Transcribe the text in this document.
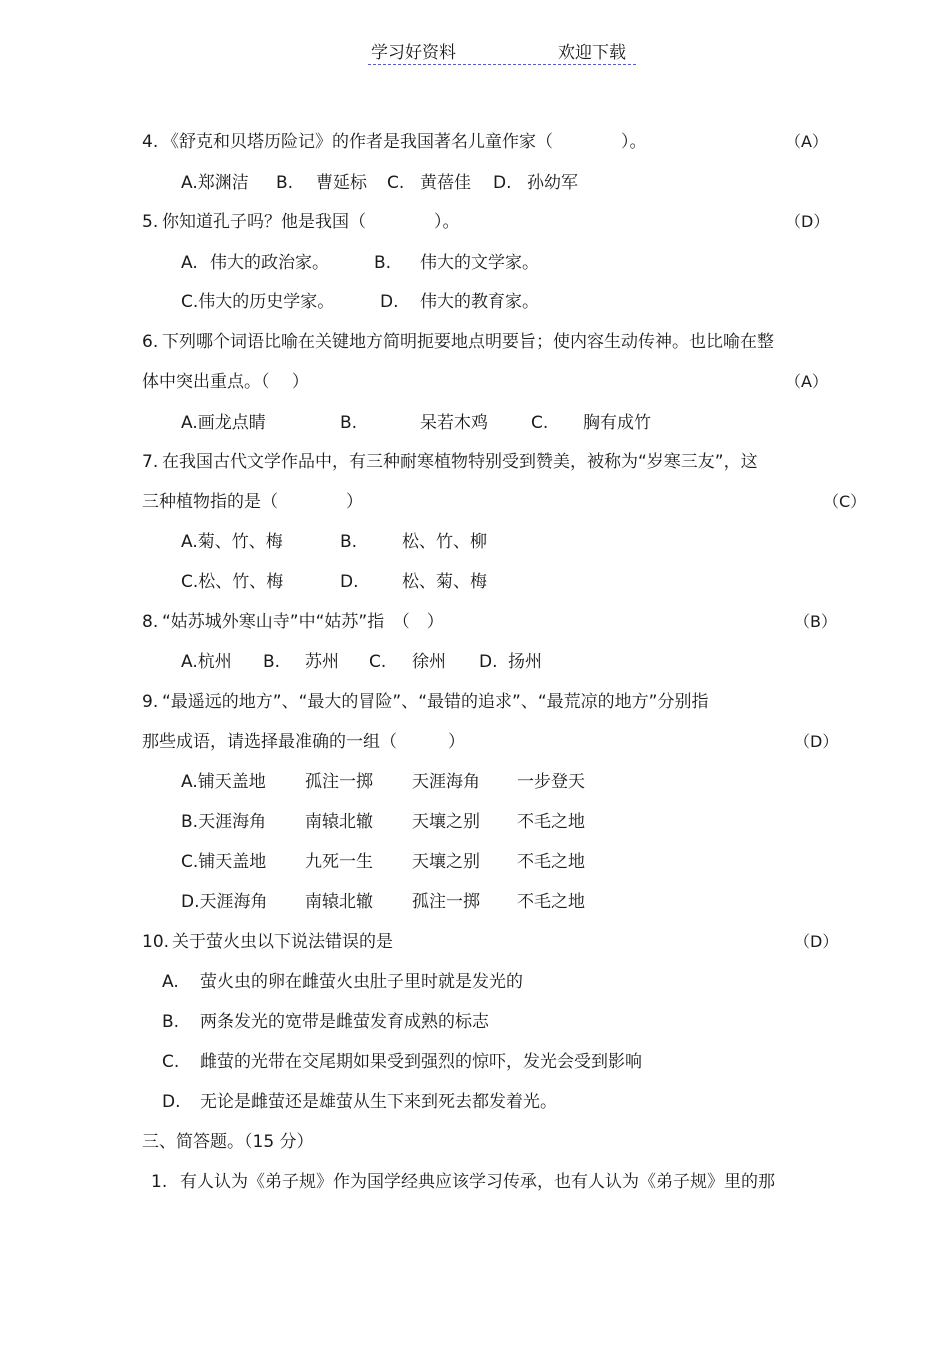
学习好资料	欢迎下载
4. 《舒克和贝塔历险记》的作者是我国著名儿童作家（　　　　）。	（A）
A.郑渊洁 B. 曹延标 C. 黄蓓佳 D. 孙幼军
5. 你知道孔子吗？他是我国（　　　　）。	（D）
A. 伟大的政治家。	B. 伟大的文学家。
C.伟大的历史学家。	D. 伟大的教育家。
6. 下列哪个词语比喻在关键地方简明扼要地点明要旨；使内容生动传神。也比喻在整
体中突出重点。（　 ）	（A）
A.画龙点睛	B.	呆若木鸡	C. 胸有成竹
7. 在我国古代文学作品中，有三种耐寒植物特别受到赞美，被称为“岁寒三友”，这
三种植物指的是（　　　　）	（C）
A.菊、竹、梅	B.	松、竹、柳
C.松、竹、梅	D.	松、菊、梅
8. “姑苏城外寒山寺”中“姑苏”指　（　）	（B）
A.杭州 B. 苏州 C. 徐州 D. 扬州
9. “最遥远的地方”、“最大的冒险”、“最错的追求”、“最荒凉的地方”分别指
那些成语，请选择最准确的一组（　　　）	（D）
A.铺天盖地 孤注一掷 天涯海角 一步登天
B.天涯海角 南辕北辙 天壤之别 不毛之地
C.铺天盖地 九死一生 天壤之别 不毛之地
D.天涯海角 南辕北辙 孤注一掷 不毛之地
10. 关于萤火虫以下说法错误的是	（D）
A. 萤火虫的卵在雌萤火虫肚子里时就是发光的
B. 两条发光的宽带是雌萤发育成熟的标志
C. 雌萤的光带在交尾期如果受到强烈的惊吓，发光会受到影响
D. 无论是雌萤还是雄萤从生下来到死去都发着光。
三、简答题。（15 分）
1. 有人认为《弟子规》作为国学经典应该学习传承，也有人认为《弟子规》里的那
